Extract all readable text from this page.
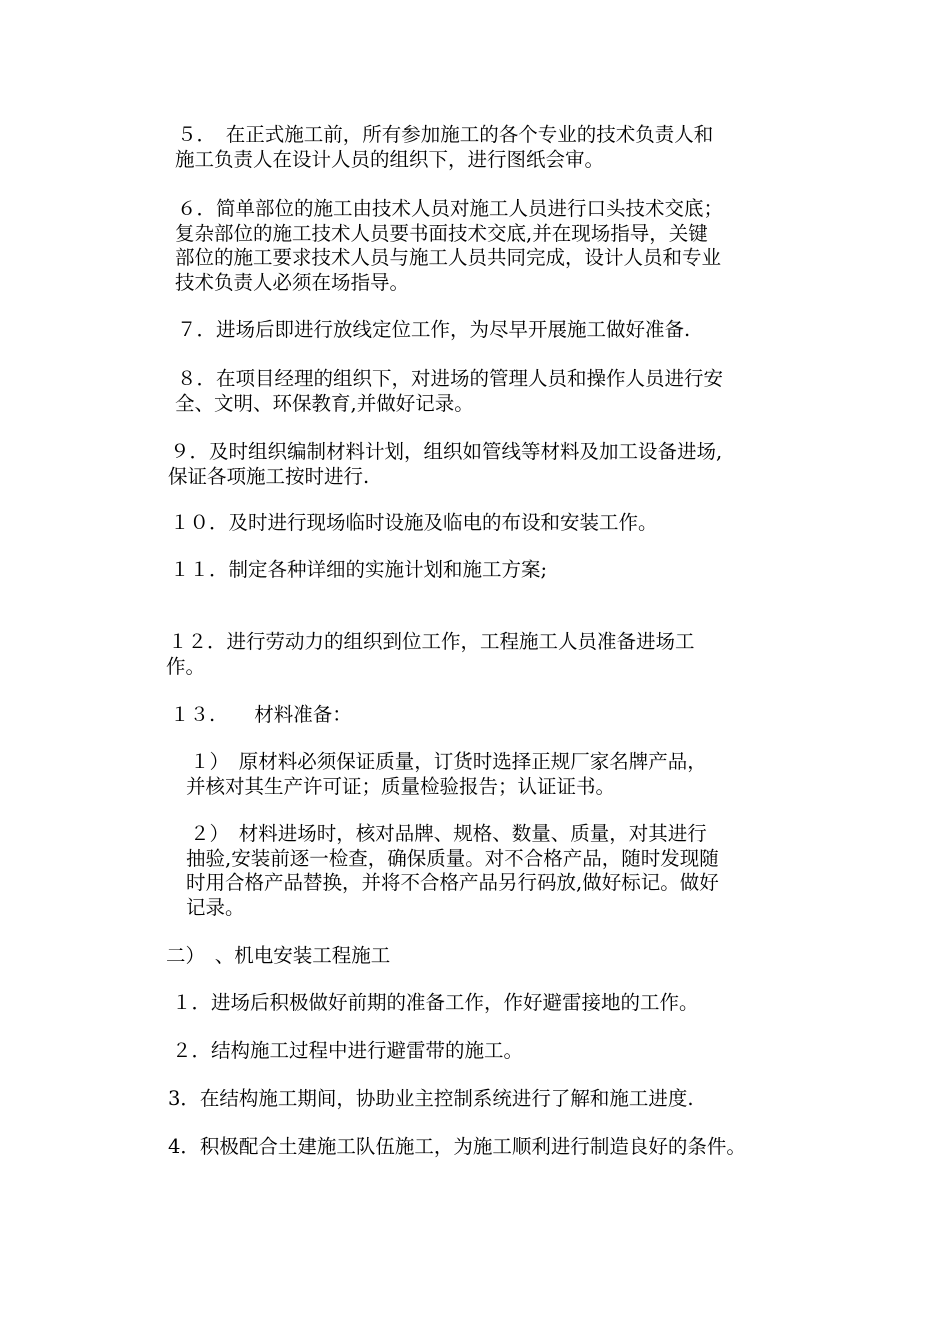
５．　在正式施工前，所有参加施工的各个专业的技术负责人和
施工负责人在设计人员的组织下，进行图纸会审。

６．简单部位的施工由技术人员对施工人员进行口头技术交底；
复杂部位的施工技术人员要书面技术交底,并在现场指导，关键
部位的施工要求技术人员与施工人员共同完成，设计人员和专业
技术负责人必须在场指导。

７．进场后即进行放线定位工作，为尽早开展施工做好准备.

８．在项目经理的组织下，对进场的管理人员和操作人员进行安
全、文明、环保教育,并做好记录。

９．及时组织编制材料计划，组织如管线等材料及加工设备进场,
保证各项施工按时进行.

１０．及时进行现场临时设施及临电的布设和安装工作。

１１．制定各种详细的实施计划和施工方案;

１２．进行劳动力的组织到位工作，工程施工人员准备进场工
作。

１３.　　材料准备：

１）　原材料必须保证质量，订货时选择正规厂家名牌产品，
并核对其生产许可证；质量检验报告；认证证书。

２）　材料进场时，核对品牌、规格、数量、质量，对其进行
抽验,安装前逐一检查，确保质量。对不合格产品，随时发现随
时用合格产品替换，并将不合格产品另行码放,做好标记。做好
记录。

二）　、机电安装工程施工

１．进场后积极做好前期的准备工作，作好避雷接地的工作。

２．结构施工过程中进行避雷带的施工。

3．在结构施工期间，协助业主控制系统进行了解和施工进度.

4．积极配合土建施工队伍施工，为施工顺利进行制造良好的条件。
